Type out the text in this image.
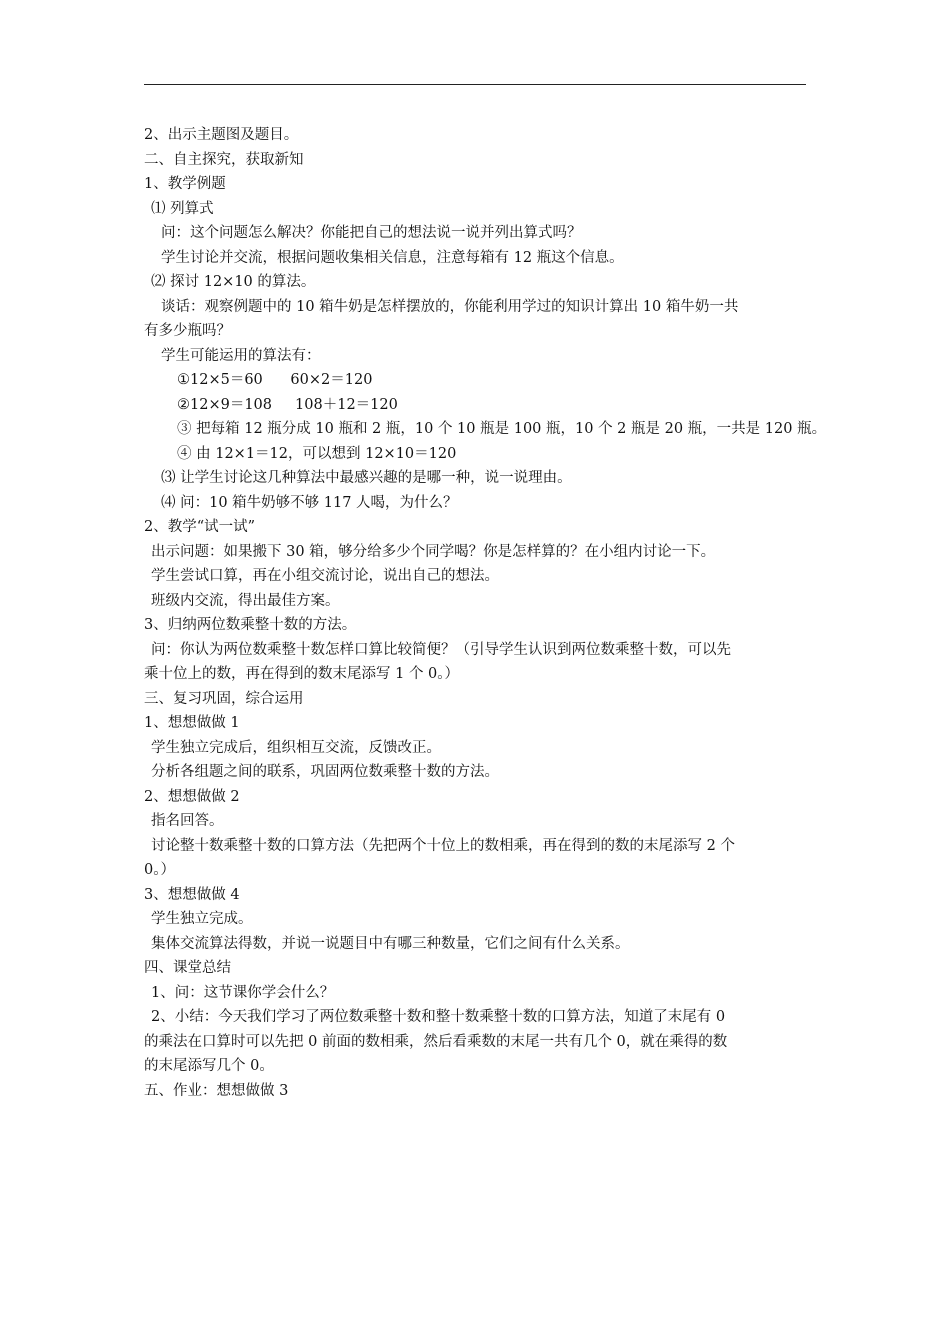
2、出示主题图及题目。
二、自主探究，获取新知
1、教学例题
⑴ 列算式
问：这个问题怎么解决？你能把自己的想法说一说并列出算式吗？
学生讨论并交流，根据问题收集相关信息，注意每箱有 12 瓶这个信息。
⑵ 探讨 12×10 的算法。
谈话：观察例题中的 10 箱牛奶是怎样摆放的，你能利用学过的知识计算出 10 箱牛奶一共
有多少瓶吗？
学生可能运用的算法有：
①12×5＝60      60×2＝120
②12×9＝108     108＋12＝120
③ 把每箱 12 瓶分成 10 瓶和 2 瓶，10 个 10 瓶是 100 瓶，10 个 2 瓶是 20 瓶，一共是 120 瓶。
④ 由 12×1＝12，可以想到 12×10＝120
⑶ 让学生讨论这几种算法中最感兴趣的是哪一种，说一说理由。
⑷ 问：10 箱牛奶够不够 117 人喝，为什么？
2、教学“试一试”
出示问题：如果搬下 30 箱，够分给多少个同学喝？你是怎样算的？在小组内讨论一下。
学生尝试口算，再在小组交流讨论，说出自己的想法。
班级内交流，得出最佳方案。
3、归纳两位数乘整十数的方法。
问：你认为两位数乘整十数怎样口算比较简便？（引导学生认识到两位数乘整十数，可以先
乘十位上的数，再在得到的数末尾添写 1 个 0。）
三、复习巩固，综合运用
1、想想做做 1
学生独立完成后，组织相互交流，反馈改正。
分析各组题之间的联系，巩固两位数乘整十数的方法。
2、想想做做 2
指名回答。
讨论整十数乘整十数的口算方法（先把两个十位上的数相乘，再在得到的数的末尾添写 2 个
0。）
3、想想做做 4
学生独立完成。
集体交流算法得数，并说一说题目中有哪三种数量，它们之间有什么关系。
四、课堂总结
1、问：这节课你学会什么？
2、小结：今天我们学习了两位数乘整十数和整十数乘整十数的口算方法，知道了末尾有 0
的乘法在口算时可以先把 0 前面的数相乘，然后看乘数的末尾一共有几个 0，就在乘得的数
的末尾添写几个 0。
五、作业：想想做做 3
